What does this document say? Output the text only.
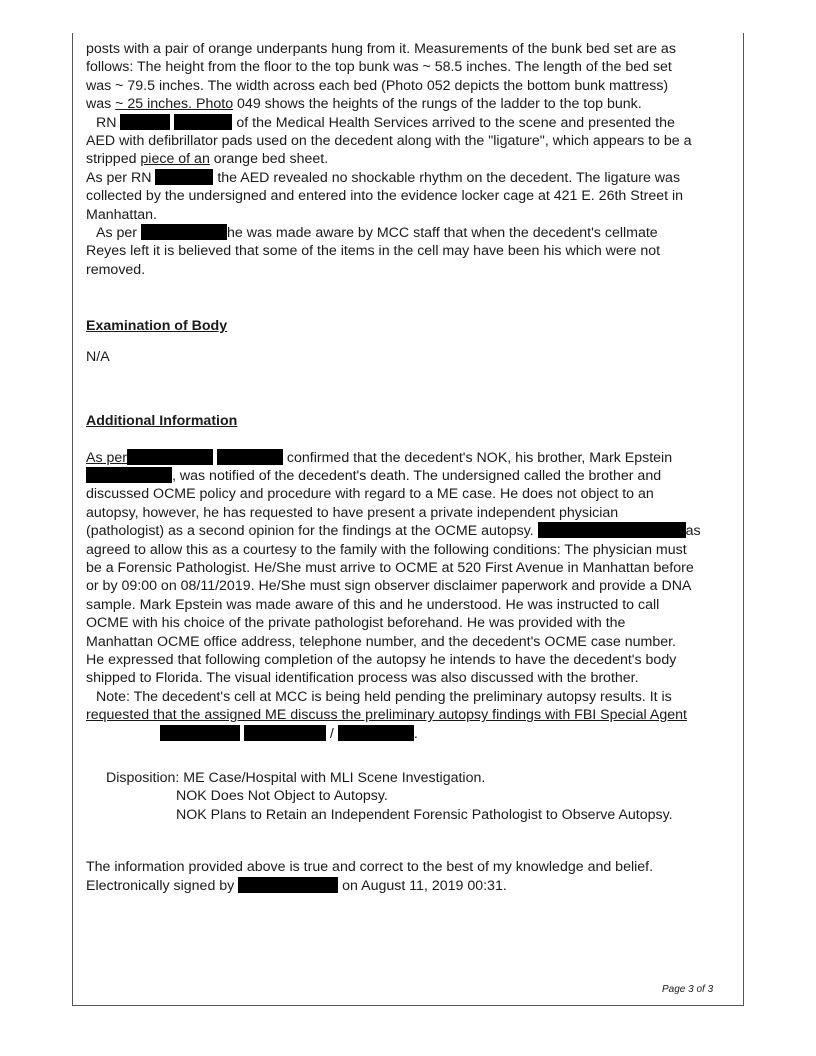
posts with a pair of orange underpants hung from it. Measurements of the bunk bed set are as
follows: The height from the floor to the top bunk was ~ 58.5 inches. The length of the bed set
was ~ 79.5 inches. The width across each bed (Photo 052 depicts the bottom bunk mattress)
was ~ 25 inches. Photo 049 shows the heights of the rungs of the ladder to the top bunk.

RN	of the Medical Health Services arrived to the scene and presented the
AED with defibrillator pads used on the decedent along with the "ligature", which appears to be a
stripped piece of an orange bed sheet.

As per RN	the AED revealed no shockable rhythm on the decedent. The ligature was
collected by the undersigned and entered into the evidence locker cage at 421 E. 26th Street in
Manhattan.

As per	he was made aware by MCC staff that when the decedent's cellmate
Reyes left it is believed that some of the items in the cell may have been his which were not
removed.

Examination of Body

N/A

Additional Information

As per	confirmed that the decedent's NOK, his brother, Mark Epstein
, was notified of the decedent's death. The undersigned called the brother and
discussed OCME policy and procedure with regard to a ME case. He does not object to an
autopsy, however, he has requested to have present a private independent physician
(pathologist) as a second opinion for the findings at the OCME autopsy.	as
agreed to allow this as a courtesy to the family with the following conditions: The physician must
be a Forensic Pathologist. He/She must arrive to OCME at 520 First Avenue in Manhattan before
or by 09:00 on 08/11/2019. He/She must sign observer disclaimer paperwork and provide a DNA
sample. Mark Epstein was made aware of this and he understood. He was instructed to call
OCME with his choice of the private pathologist beforehand. He was provided with the
Manhattan OCME office address, telephone number, and the decedent's OCME case number.
He expressed that following completion of the autopsy he intends to have the decedent's body
shipped to Florida. The visual identification process was also discussed with the brother.
Note: The decedent's cell at MCC is being held pending the preliminary autopsy results. It is
requested that the assigned ME discuss the preliminary autopsy findings with FBI Special Agent
/	.

Disposition: ME Case/Hospital with MLI Scene Investigation.
NOK Does Not Object to Autopsy.
NOK Plans to Retain an Independent Forensic Pathologist to Observe Autopsy.

The information provided above is true and correct to the best of my knowledge and belief.
Electronically signed by	on August 11, 2019 00:31.

Page 3 of 3
